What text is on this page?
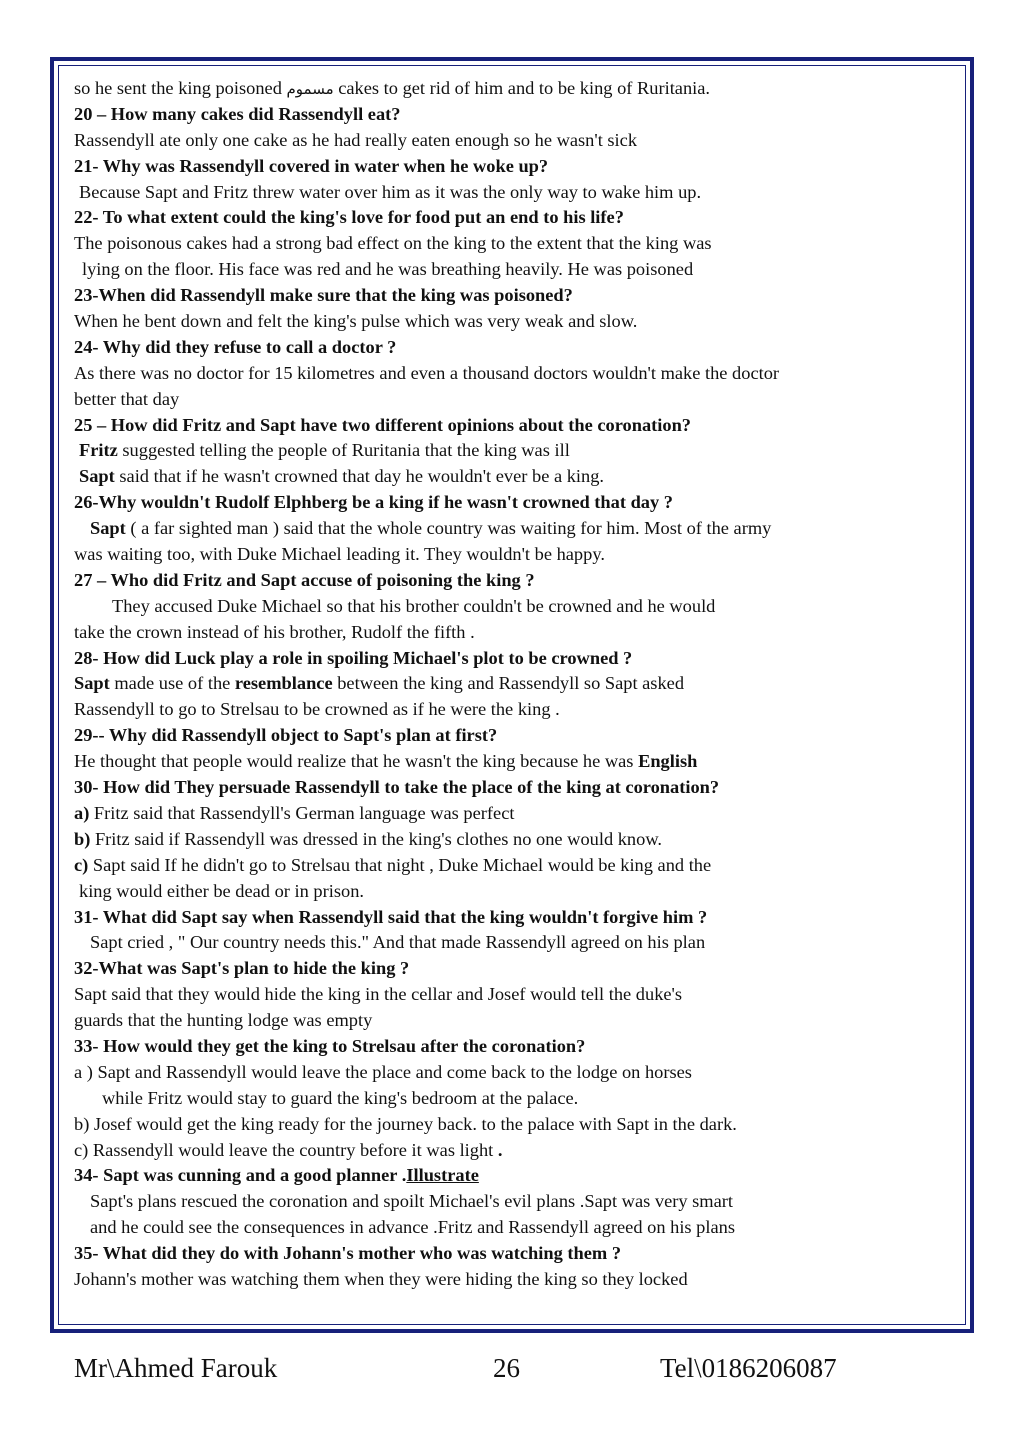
so he sent the king poisoned مسموم cakes to get rid of him and to be king of Ruritania.
20 – How many cakes did Rassendyll eat?
Rassendyll ate only one cake as he had really eaten enough so he wasn't sick
21- Why was Rassendyll covered in water when he woke up?
Because Sapt and Fritz threw water over him as it was the only way to wake him up.
22- To what extent could the king's love for food put an end to his life?
The poisonous cakes had a strong bad effect on the king to the extent that the king was
lying on the floor. His face was red and he was breathing heavily. He was poisoned
23-When did Rassendyll make sure that the king was poisoned?
When he bent down and felt the king's pulse which was very weak and slow.
24- Why did they refuse to call a doctor ?
As there was no doctor for 15 kilometres and even a thousand doctors wouldn't make the doctor
better that day
25 – How did Fritz and Sapt have two different opinions about the coronation?
Fritz suggested telling the people of Ruritania that the king was ill
Sapt said that if he wasn't crowned that day he wouldn't ever be a king.
26-Why wouldn't Rudolf Elphberg be a king if he wasn't crowned that day ?
Sapt ( a far sighted man ) said that the whole country was waiting for him. Most of the army
was waiting too, with Duke Michael leading it. They wouldn't be happy.
27 – Who did Fritz and Sapt accuse of poisoning the king ?
They accused Duke Michael so that his brother couldn't be crowned and he would
take the crown instead of his brother, Rudolf the fifth .
28- How did Luck play a role in spoiling Michael's plot to be crowned ?
Sapt made use of the resemblance between the king and Rassendyll so Sapt asked
Rassendyll to go to Strelsau to be crowned as if he were the king .
29-- Why did Rassendyll object to Sapt's plan at first?
He thought that people would realize that he wasn't the king because he was English
30- How did They persuade Rassendyll to take the place of the king at coronation?
a) Fritz said that Rassendyll's German language was perfect
b) Fritz said if Rassendyll was dressed in the king's clothes no one would know.
c) Sapt said If he didn't go to Strelsau that night , Duke Michael would be king and the
king would either be dead or in prison.
31- What did Sapt say when Rassendyll said that the king wouldn't forgive him ?
Sapt cried , " Our country needs this." And that made Rassendyll agreed on his plan
32-What was Sapt's plan to hide the king ?
Sapt said that they would hide the king in the cellar and Josef would tell the duke's
guards that the hunting lodge was empty
33- How would they get the king to Strelsau after the coronation?
a ) Sapt and Rassendyll would leave the place and come back to the lodge on horses
while Fritz would stay to guard the king's bedroom at the palace.
b) Josef would get the king ready for the journey back. to the palace with Sapt in the dark.
c) Rassendyll would leave the country before it was light .
34- Sapt was cunning and a good planner .Illustrate
Sapt's plans rescued the coronation and spoilt Michael's evil plans .Sapt was very smart
and he could see the consequences in advance .Fritz and Rassendyll agreed on his plans
35- What did they do with Johann's mother who was watching them ?
Johann's mother was watching them when they were hiding the king so they locked
Mr\Ahmed Farouk	26	Tel\0186206087
